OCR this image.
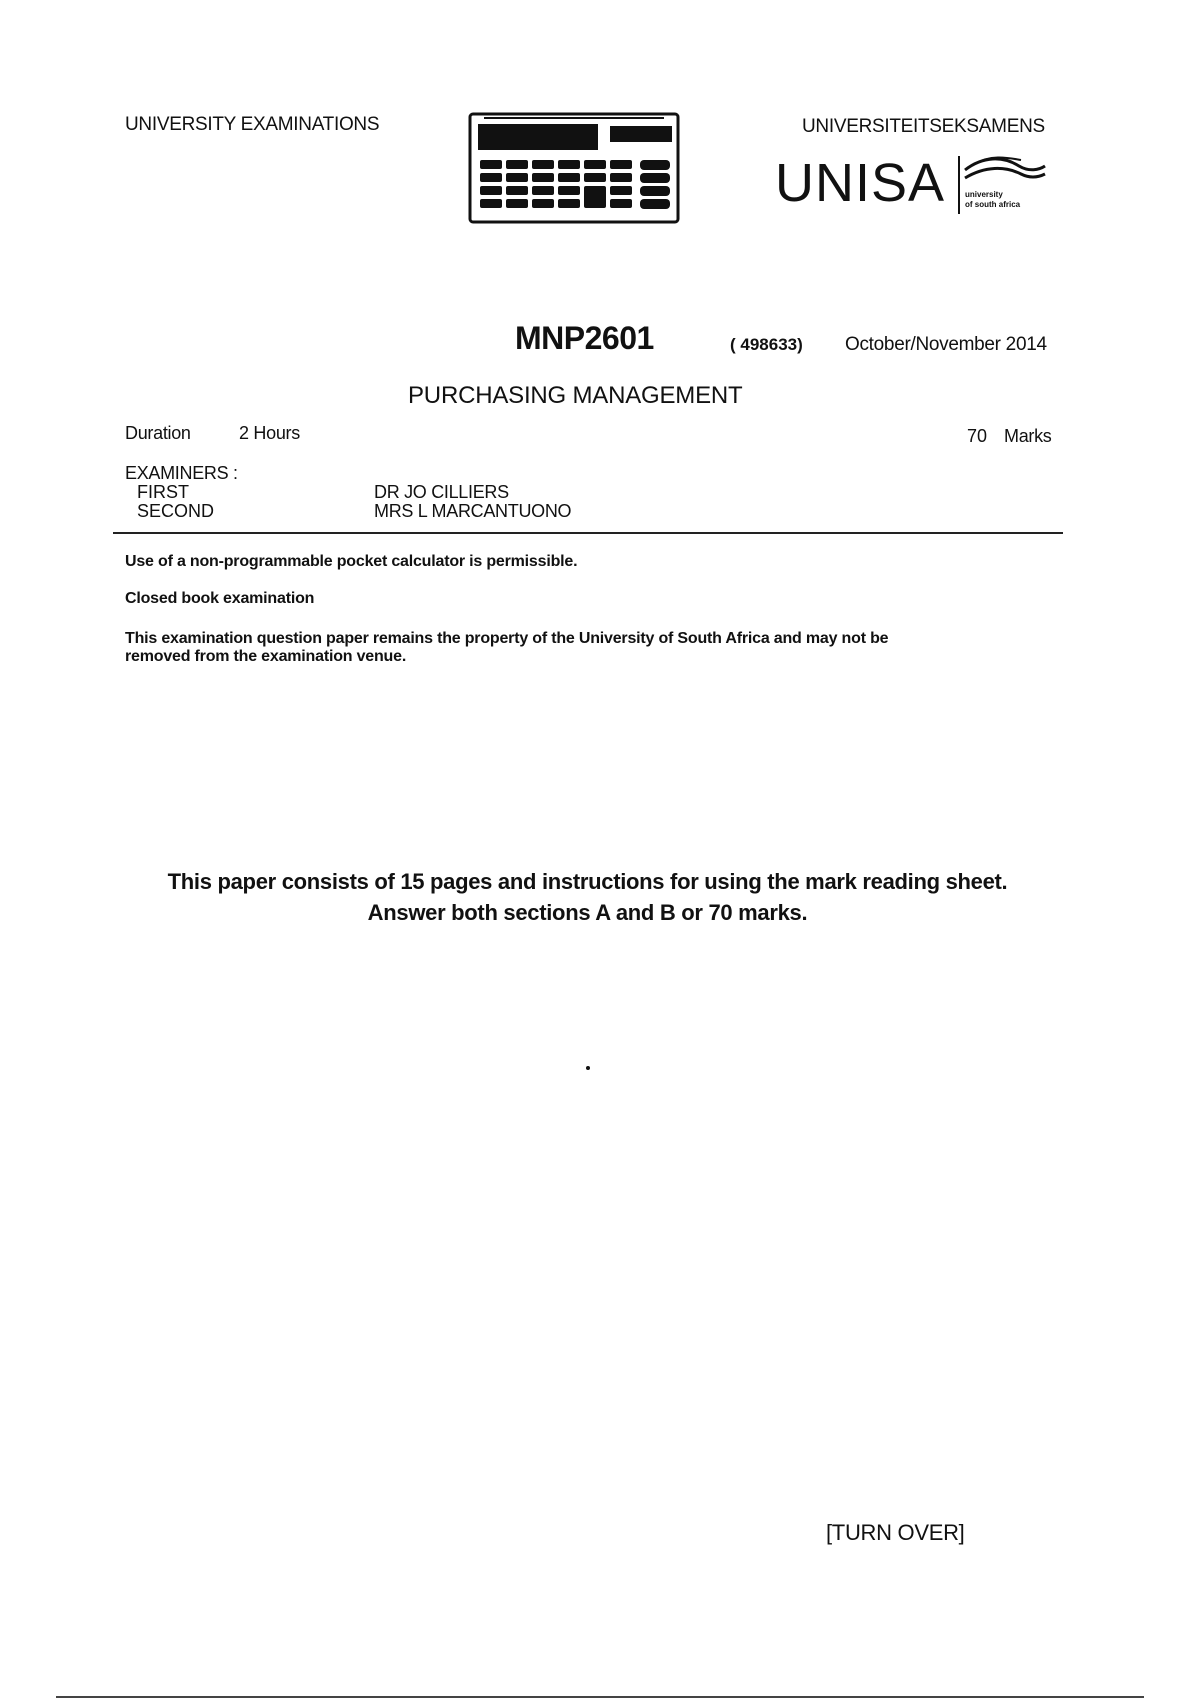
UNIVERSITY EXAMINATIONS	UNIVERSITEITSEKSAMENS
UNISA university
of south africa
MNP2601	( 498633) October/November 2014
PURCHASING MANAGEMENT
Duration	2 Hours	70 Marks
EXAMINERS :
FIRST	DR JO CILLIERS
SECOND	MRS L MARCANTUONO
Use of a non-programmable pocket calculator is permissible.
Closed book examination
This examination question paper remains the property of the University of South Africa and may not be
removed from the examination venue.
This paper consists of 15 pages and instructions for using the mark reading sheet.
Answer both sections A and B or 70 marks.
[TURN OVER]
